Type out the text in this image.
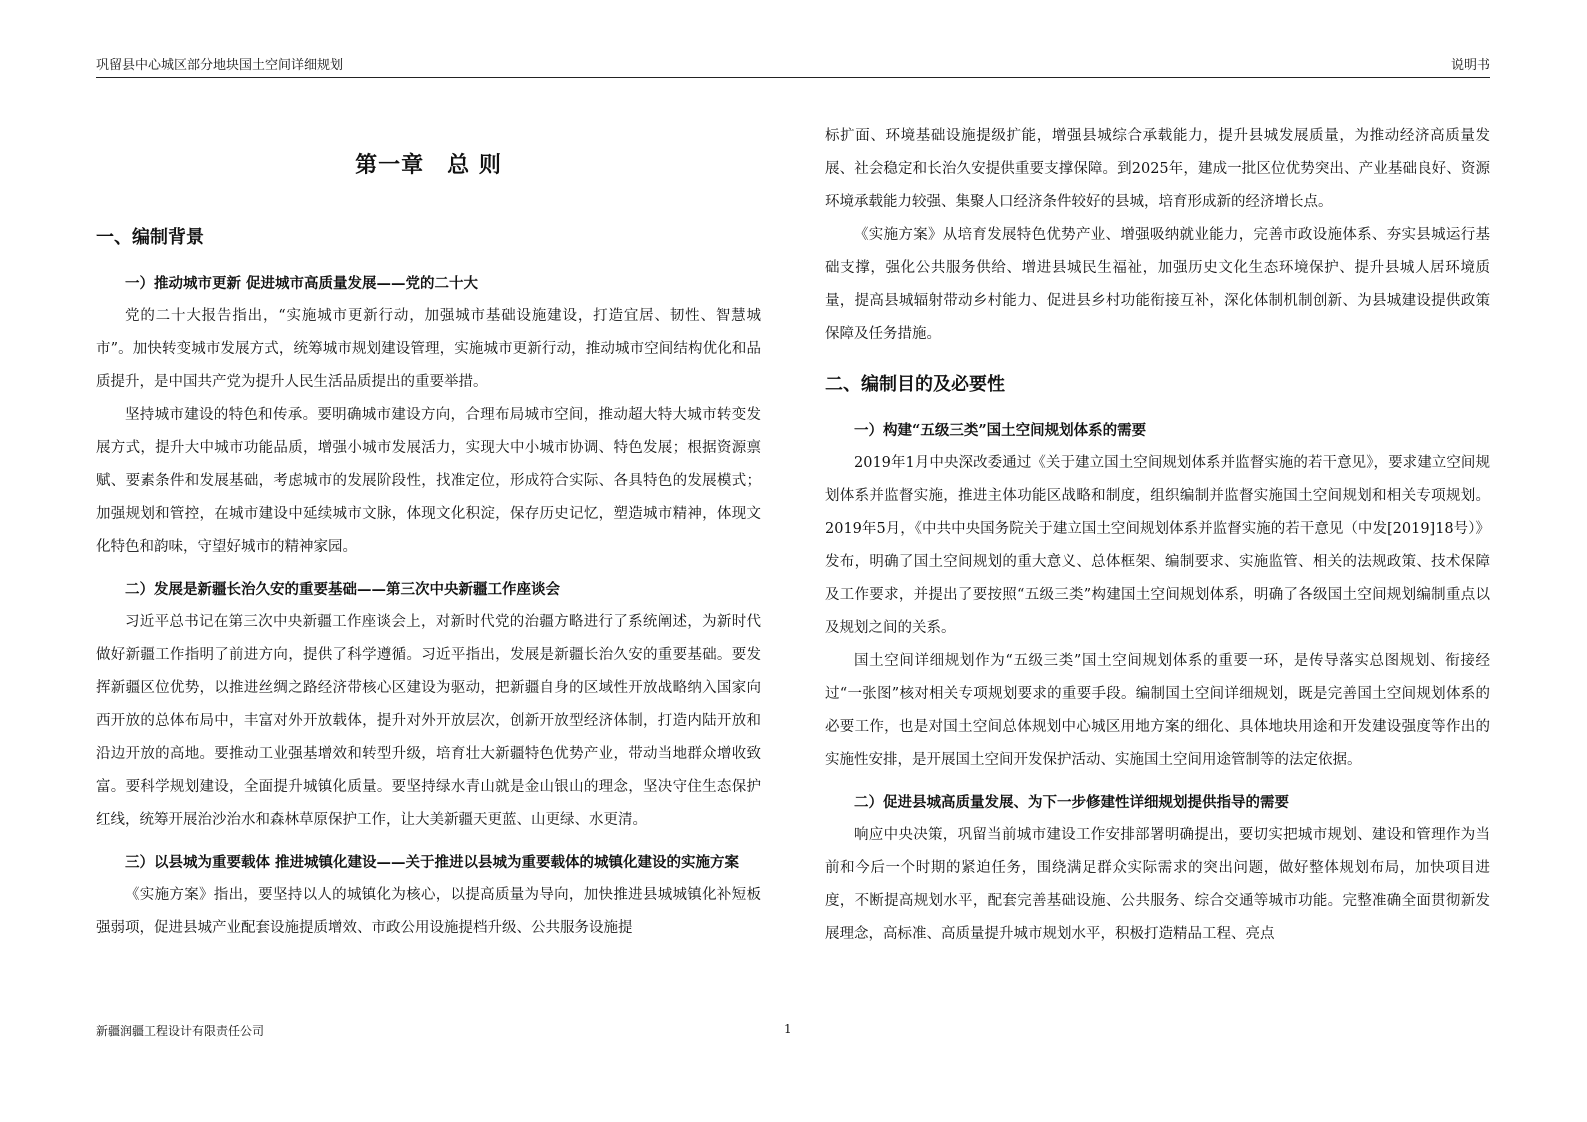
巩留县中心城区部分地块国土空间详细规划	说明书
第一章　总 则
一、编制背景
一）推动城市更新 促进城市高质量发展——党的二十大

党的二十大报告指出，“实施城市更新行动，加强城市基础设施建设，打造宜居、韧性、智慧城市”。加快转变城市发展方式，统筹城市规划建设管理，实施城市更新行动，推动城市空间结构优化和品质提升，是中国共产党为提升人民生活品质提出的重要举措。

坚持城市建设的特色和传承。要明确城市建设方向，合理布局城市空间，推动超大特大城市转变发展方式，提升大中城市功能品质，增强小城市发展活力，实现大中小城市协调、特色发展；根据资源禀赋、要素条件和发展基础，考虑城市的发展阶段性，找准定位，形成符合实际、各具特色的发展模式；加强规划和管控，在城市建设中延续城市文脉，体现文化积淀，保存历史记忆，塑造城市精神，体现文化特色和韵味，守望好城市的精神家园。

二）发展是新疆长治久安的重要基础——第三次中央新疆工作座谈会

习近平总书记在第三次中央新疆工作座谈会上，对新时代党的治疆方略进行了系统阐述，为新时代做好新疆工作指明了前进方向，提供了科学遵循。习近平指出，发展是新疆长治久安的重要基础。要发挥新疆区位优势，以推进丝绸之路经济带核心区建设为驱动，把新疆自身的区域性开放战略纳入国家向西开放的总体布局中，丰富对外开放载体，提升对外开放层次，创新开放型经济体制，打造内陆开放和沿边开放的高地。要推动工业强基增效和转型升级，培育壮大新疆特色优势产业，带动当地群众增收致富。要科学规划建设，全面提升城镇化质量。要坚持绿水青山就是金山银山的理念，坚决守住生态保护红线，统筹开展治沙治水和森林草原保护工作，让大美新疆天更蓝、山更绿、水更清。

三）以县城为重要载体 推进城镇化建设——关于推进以县城为重要载体的城镇化建设的实施方案

《实施方案》指出，要坚持以人的城镇化为核心，以提高质量为导向，加快推进县城城镇化补短板强弱项，促进县城产业配套设施提质增效、市政公用设施提档升级、公共服务设施提

标扩面、环境基础设施提级扩能，增强县城综合承载能力，提升县城发展质量，为推动经济高质量发展、社会稳定和长治久安提供重要支撑保障。到2025年，建成一批区位优势突出、产业基础良好、资源环境承载能力较强、集聚人口经济条件较好的县城，培育形成新的经济增长点。

《实施方案》从培育发展特色优势产业、增强吸纳就业能力，完善市政设施体系、夯实县城运行基础支撑，强化公共服务供给、增进县城民生福祉，加强历史文化生态环境保护、提升县城人居环境质量，提高县城辐射带动乡村能力、促进县乡村功能衔接互补，深化体制机制创新、为县城建设提供政策保障及任务措施。

二、编制目的及必要性
一）构建“五级三类”国土空间规划体系的需要

2019年1月中央深改委通过《关于建立国土空间规划体系并监督实施的若干意见》，要求建立空间规划体系并监督实施，推进主体功能区战略和制度，组织编制并监督实施国土空间规划和相关专项规划。2019年5月，《中共中央国务院关于建立国土空间规划体系并监督实施的若干意见（中发[2019]18号）》发布，明确了国土空间规划的重大意义、总体框架、编制要求、实施监管、相关的法规政策、技术保障及工作要求，并提出了要按照“五级三类”构建国土空间规划体系，明确了各级国土空间规划编制重点以及规划之间的关系。

国土空间详细规划作为“五级三类”国土空间规划体系的重要一环，是传导落实总图规划、衔接经过“一张图”核对相关专项规划要求的重要手段。编制国土空间详细规划，既是完善国土空间规划体系的必要工作，也是对国土空间总体规划中心城区用地方案的细化、具体地块用途和开发建设强度等作出的实施性安排，是开展国土空间开发保护活动、实施国土空间用途管制等的法定依据。

二）促进县城高质量发展、为下一步修建性详细规划提供指导的需要

响应中央决策，巩留当前城市建设工作安排部署明确提出，要切实把城市规划、建设和管理作为当前和今后一个时期的紧迫任务，围绕满足群众实际需求的突出问题，做好整体规划布局，加快项目进度，不断提高规划水平，配套完善基础设施、公共服务、综合交通等城市功能。完整准确全面贯彻新发展理念，高标准、高质量提升城市规划水平，积极打造精品工程、亮点

新疆润疆工程设计有限责任公司	1
